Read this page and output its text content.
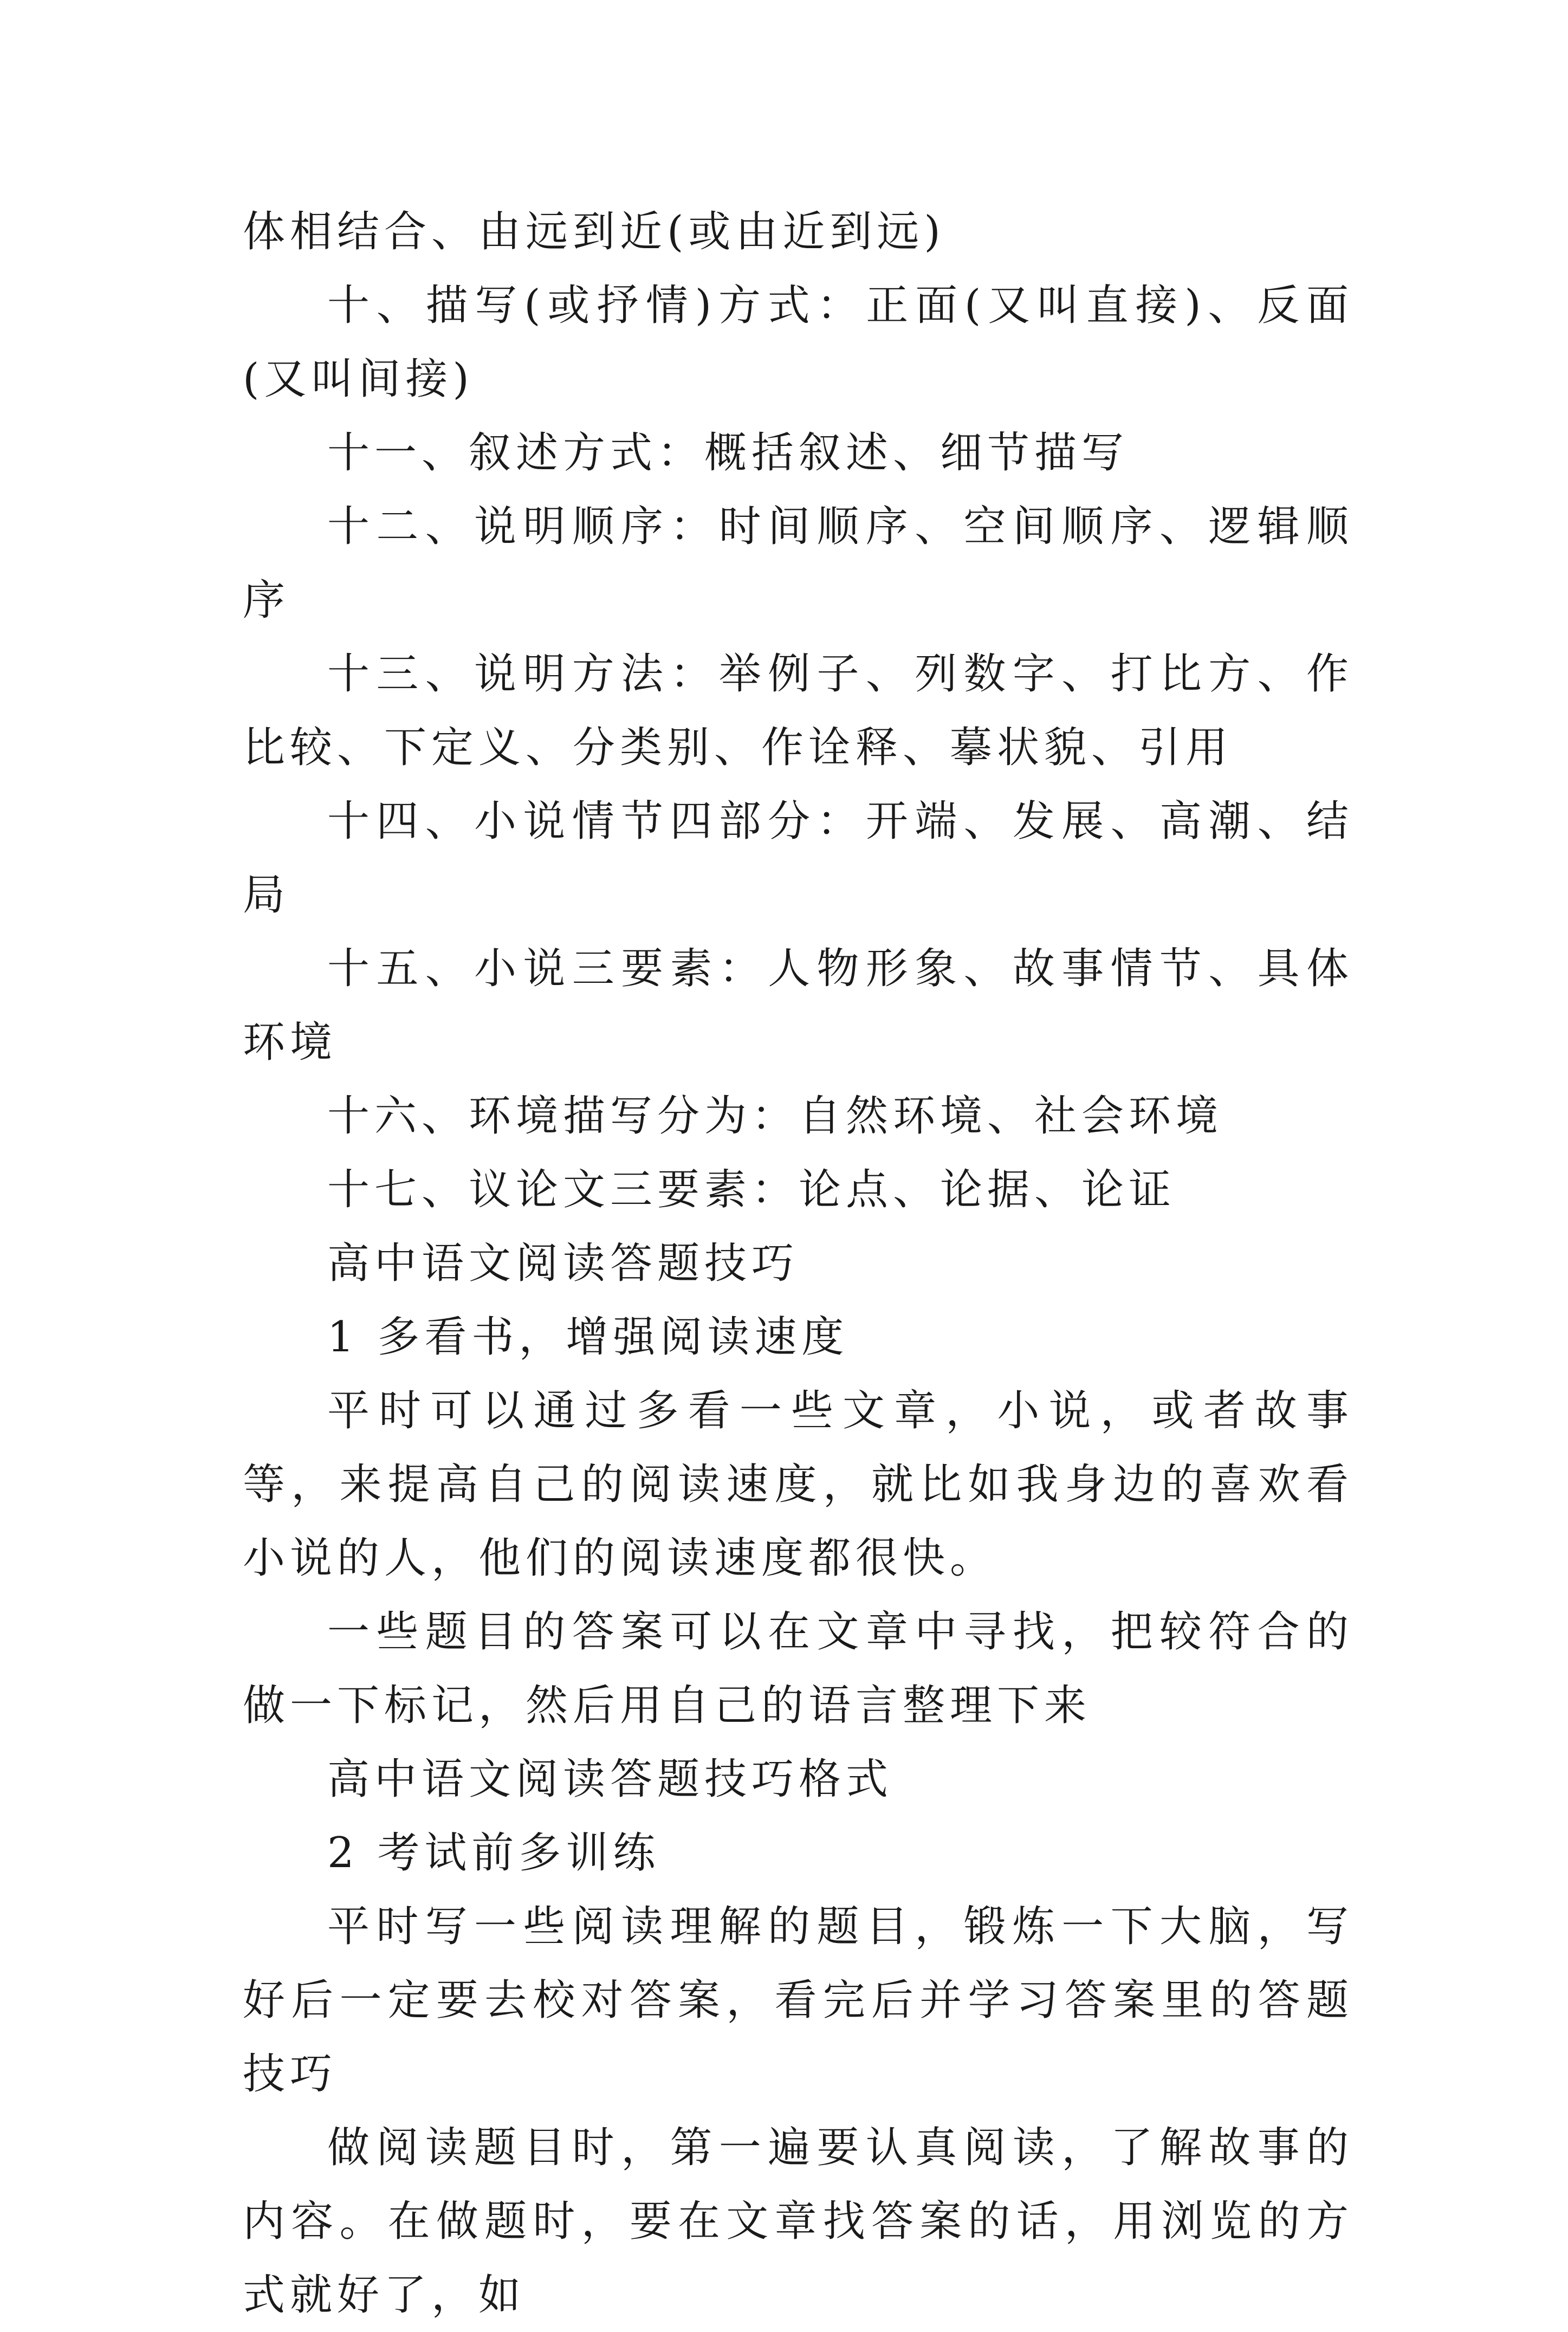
体相结合、由远到近(或由近到远)

十、描写(或抒情)方式：正面(又叫直接)、反面(又叫间接)

十一、叙述方式：概括叙述、细节描写

十二、说明顺序：时间顺序、空间顺序、逻辑顺序

十三、说明方法：举例子、列数字、打比方、作比较、下定义、分类别、作诠释、摹状貌、引用

十四、小说情节四部分：开端、发展、高潮、结局

十五、小说三要素：人物形象、故事情节、具体环境

十六、环境描写分为：自然环境、社会环境

十七、议论文三要素：论点、论据、论证

高中语文阅读答题技巧

1 多看书，增强阅读速度

平时可以通过多看一些文章，小说，或者故事等，来提高自己的阅读速度，就比如我身边的喜欢看小说的人，他们的阅读速度都很快。

一些题目的答案可以在文章中寻找，把较符合的做一下标记，然后用自己的语言整理下来

高中语文阅读答题技巧格式

2 考试前多训练

平时写一些阅读理解的题目，锻炼一下大脑，写好后一定要去校对答案，看完后并学习答案里的答题技巧

做阅读题目时，第一遍要认真阅读，了解故事的内容。在做题时，要在文章找答案的话，用浏览的方式就好了，如
